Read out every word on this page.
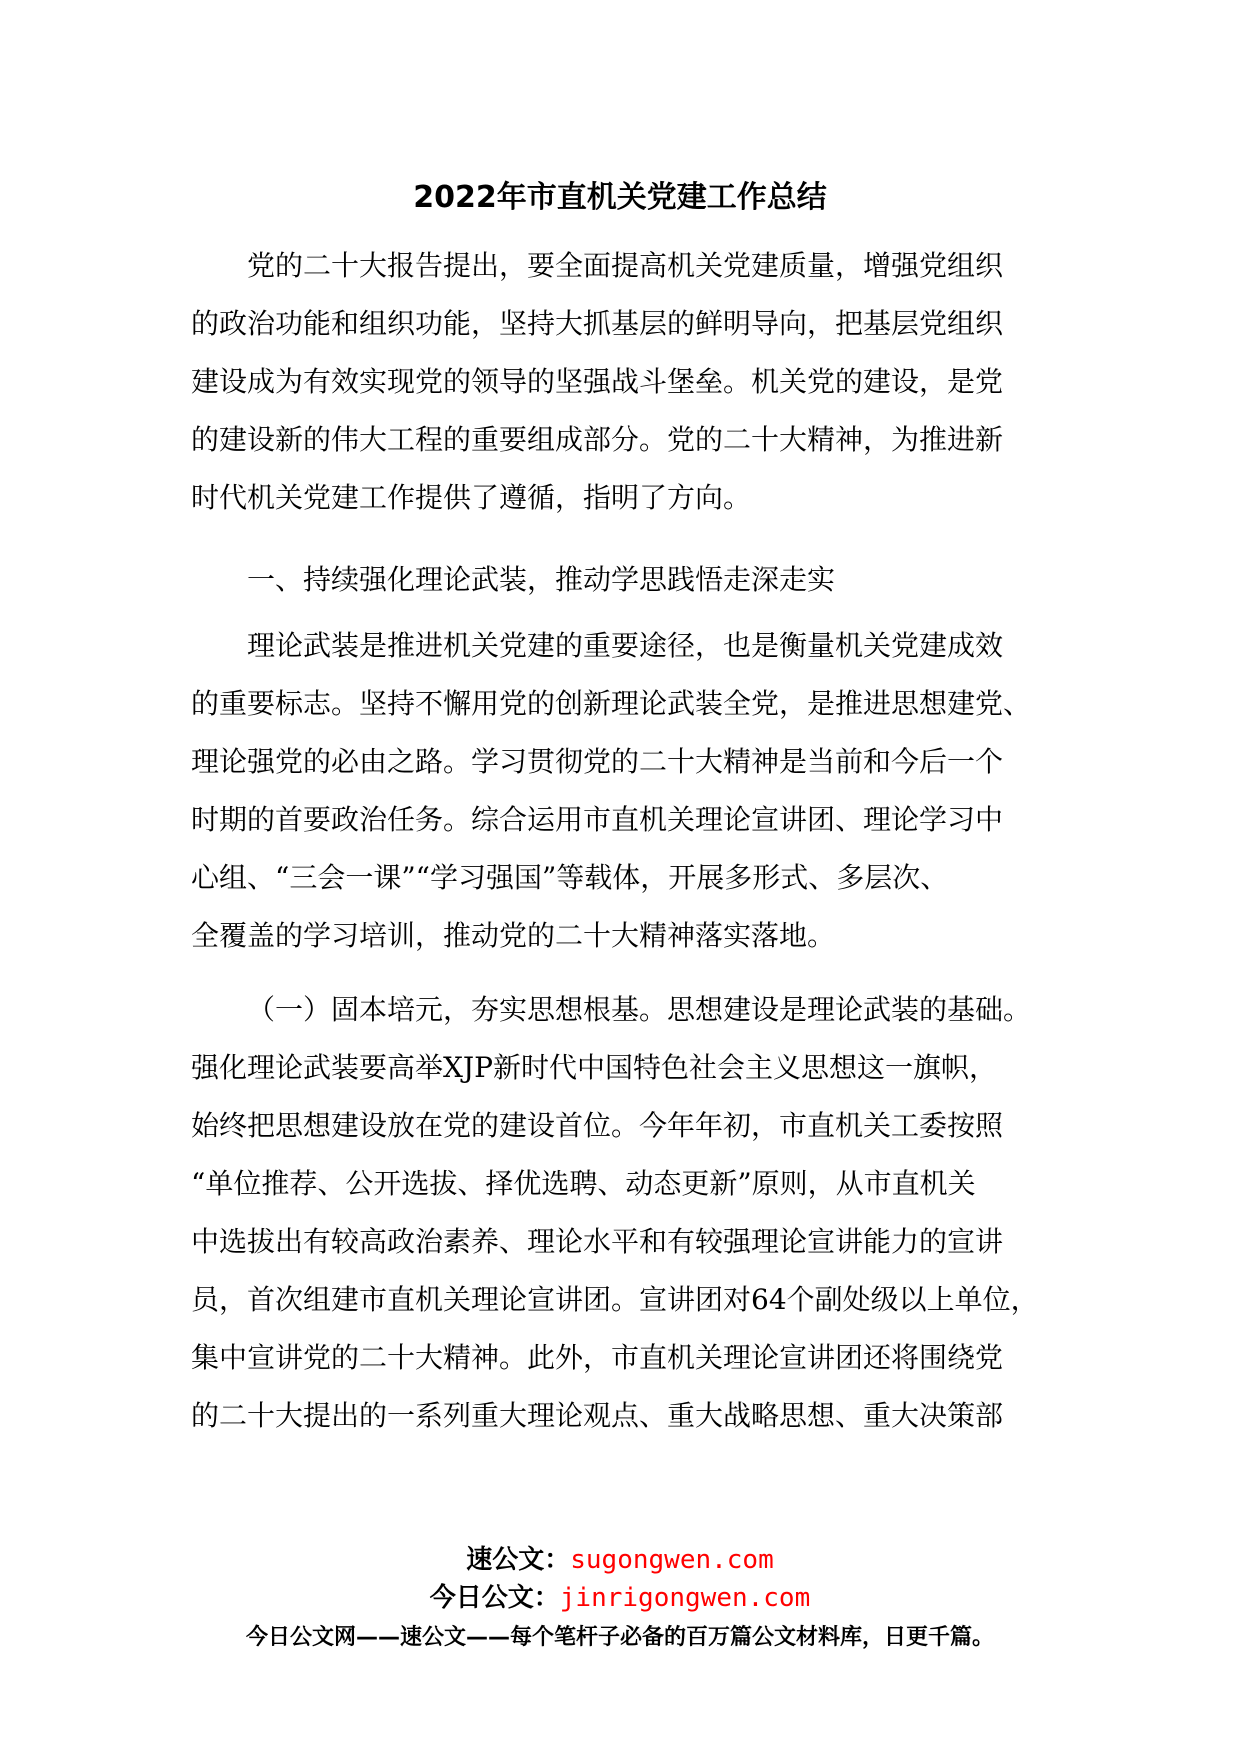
2022年市直机关党建工作总结
党的二十大报告提出，要全面提高机关党建质量，增强党组织
的政治功能和组织功能，坚持大抓基层的鲜明导向，把基层党组织
建设成为有效实现党的领导的坚强战斗堡垒。机关党的建设，是党
的建设新的伟大工程的重要组成部分。党的二十大精神，为推进新
时代机关党建工作提供了遵循，指明了方向。
一、持续强化理论武装，推动学思践悟走深走实
理论武装是推进机关党建的重要途径，也是衡量机关党建成效
的重要标志。坚持不懈用党的创新理论武装全党，是推进思想建党、
理论强党的必由之路。学习贯彻党的二十大精神是当前和今后一个
时期的首要政治任务。综合运用市直机关理论宣讲团、理论学习中
心组、“三会一课”“学习强国”等载体，开展多形式、多层次、
全覆盖的学习培训，推动党的二十大精神落实落地。
（一）固本培元，夯实思想根基。思想建设是理论武装的基础。
强化理论武装要高举XJP新时代中国特色社会主义思想这一旗帜，
始终把思想建设放在党的建设首位。今年年初，市直机关工委按照
“单位推荐、公开选拔、择优选聘、动态更新”原则，从市直机关
中选拔出有较高政治素养、理论水平和有较强理论宣讲能力的宣讲
员，首次组建市直机关理论宣讲团。宣讲团对64个副处级以上单位，
集中宣讲党的二十大精神。此外，市直机关理论宣讲团还将围绕党
的二十大提出的一系列重大理论观点、重大战略思想、重大决策部
速公文：sugongwen.com
今日公文：jinrigongwen.com
今日公文网——速公文——每个笔杆子必备的百万篇公文材料库，日更千篇。
